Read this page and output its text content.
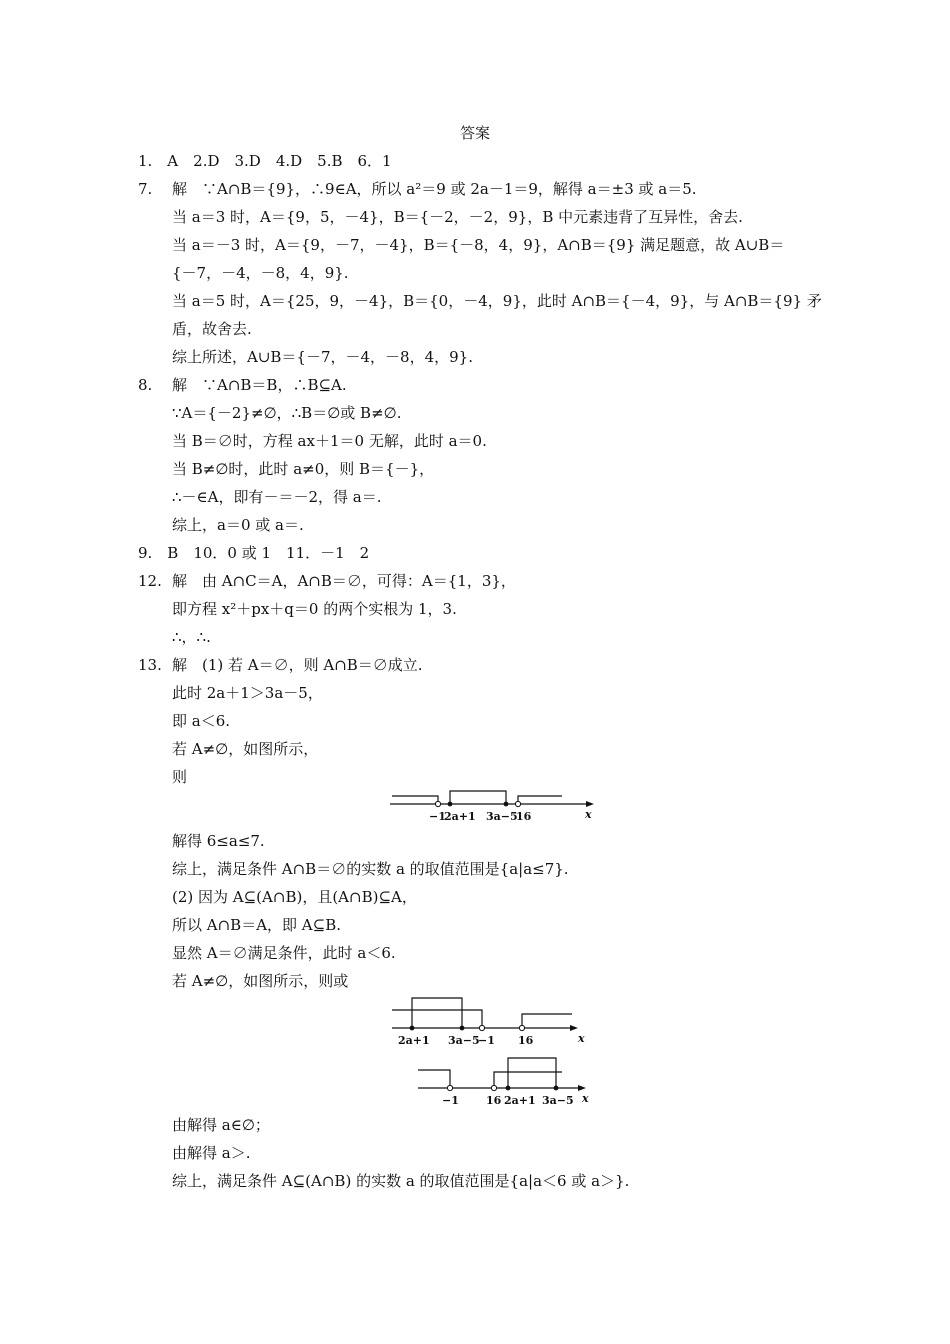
答案
1.　A　2.D　3.D　4.D　5.B　6．1
7. 解　∵A∩B＝{9}，∴9∈A，所以 a²＝9 或 2a－1＝9，解得 a＝±3 或 a＝5.
当 a＝3 时，A＝{9，5，－4}，B＝{－2，－2，9}，B 中元素违背了互异性，舍去.
当 a＝－3 时，A＝{9，－7，－4}，B＝{－8，4，9}，A∩B＝{9} 满足题意，故 A∪B＝
{－7，－4，－8，4，9}.
当 a＝5 时，A＝{25，9，－4}，B＝{0，－4，9}，此时 A∩B＝{－4，9}，与 A∩B＝{9} 矛
盾，故舍去.
综上所述，A∪B＝{－7，－4，－8，4，9}.
8. 解　∵A∩B＝B，∴B⊆A.
∵A＝{－2}≠∅，∴B＝∅或 B≠∅.
当 B＝∅时，方程 ax＋1＝0 无解，此时 a＝0.
当 B≠∅时，此时 a≠0，则 B＝{－}，
∴－∈A，即有－＝－2，得 a＝.
综上，a＝0 或 a＝.
9.　B　10．0 或 1　11．－1　2
12. 解　由 A∩C＝A，A∩B＝∅，可得：A＝{1，3}，
即方程 x²＋px＋q＝0 的两个实根为 1，3.
∴，∴.
13. 解　(1) 若 A＝∅，则 A∩B＝∅成立.
此时 2a＋1＞3a－5，
即 a＜6.
若 A≠∅，如图所示，
则
−1
2a+1 3a−5
16	x
解得 6≤a≤7.
综上，满足条件 A∩B＝∅的实数 a 的取值范围是{a|a≤7}.
(2) 因为 A⊆(A∩B)，且(A∩B)⊆A，
所以 A∩B＝A，即 A⊆B.
显然 A＝∅满足条件，此时 a＜6.
若 A≠∅，如图所示，则或
2a+1 3a−5
−1 16	x
−1 16 2a+1 3a−5 x
由解得 a∈∅；
由解得 a＞.
综上，满足条件 A⊆(A∩B) 的实数 a 的取值范围是{a|a＜6 或 a＞}.
